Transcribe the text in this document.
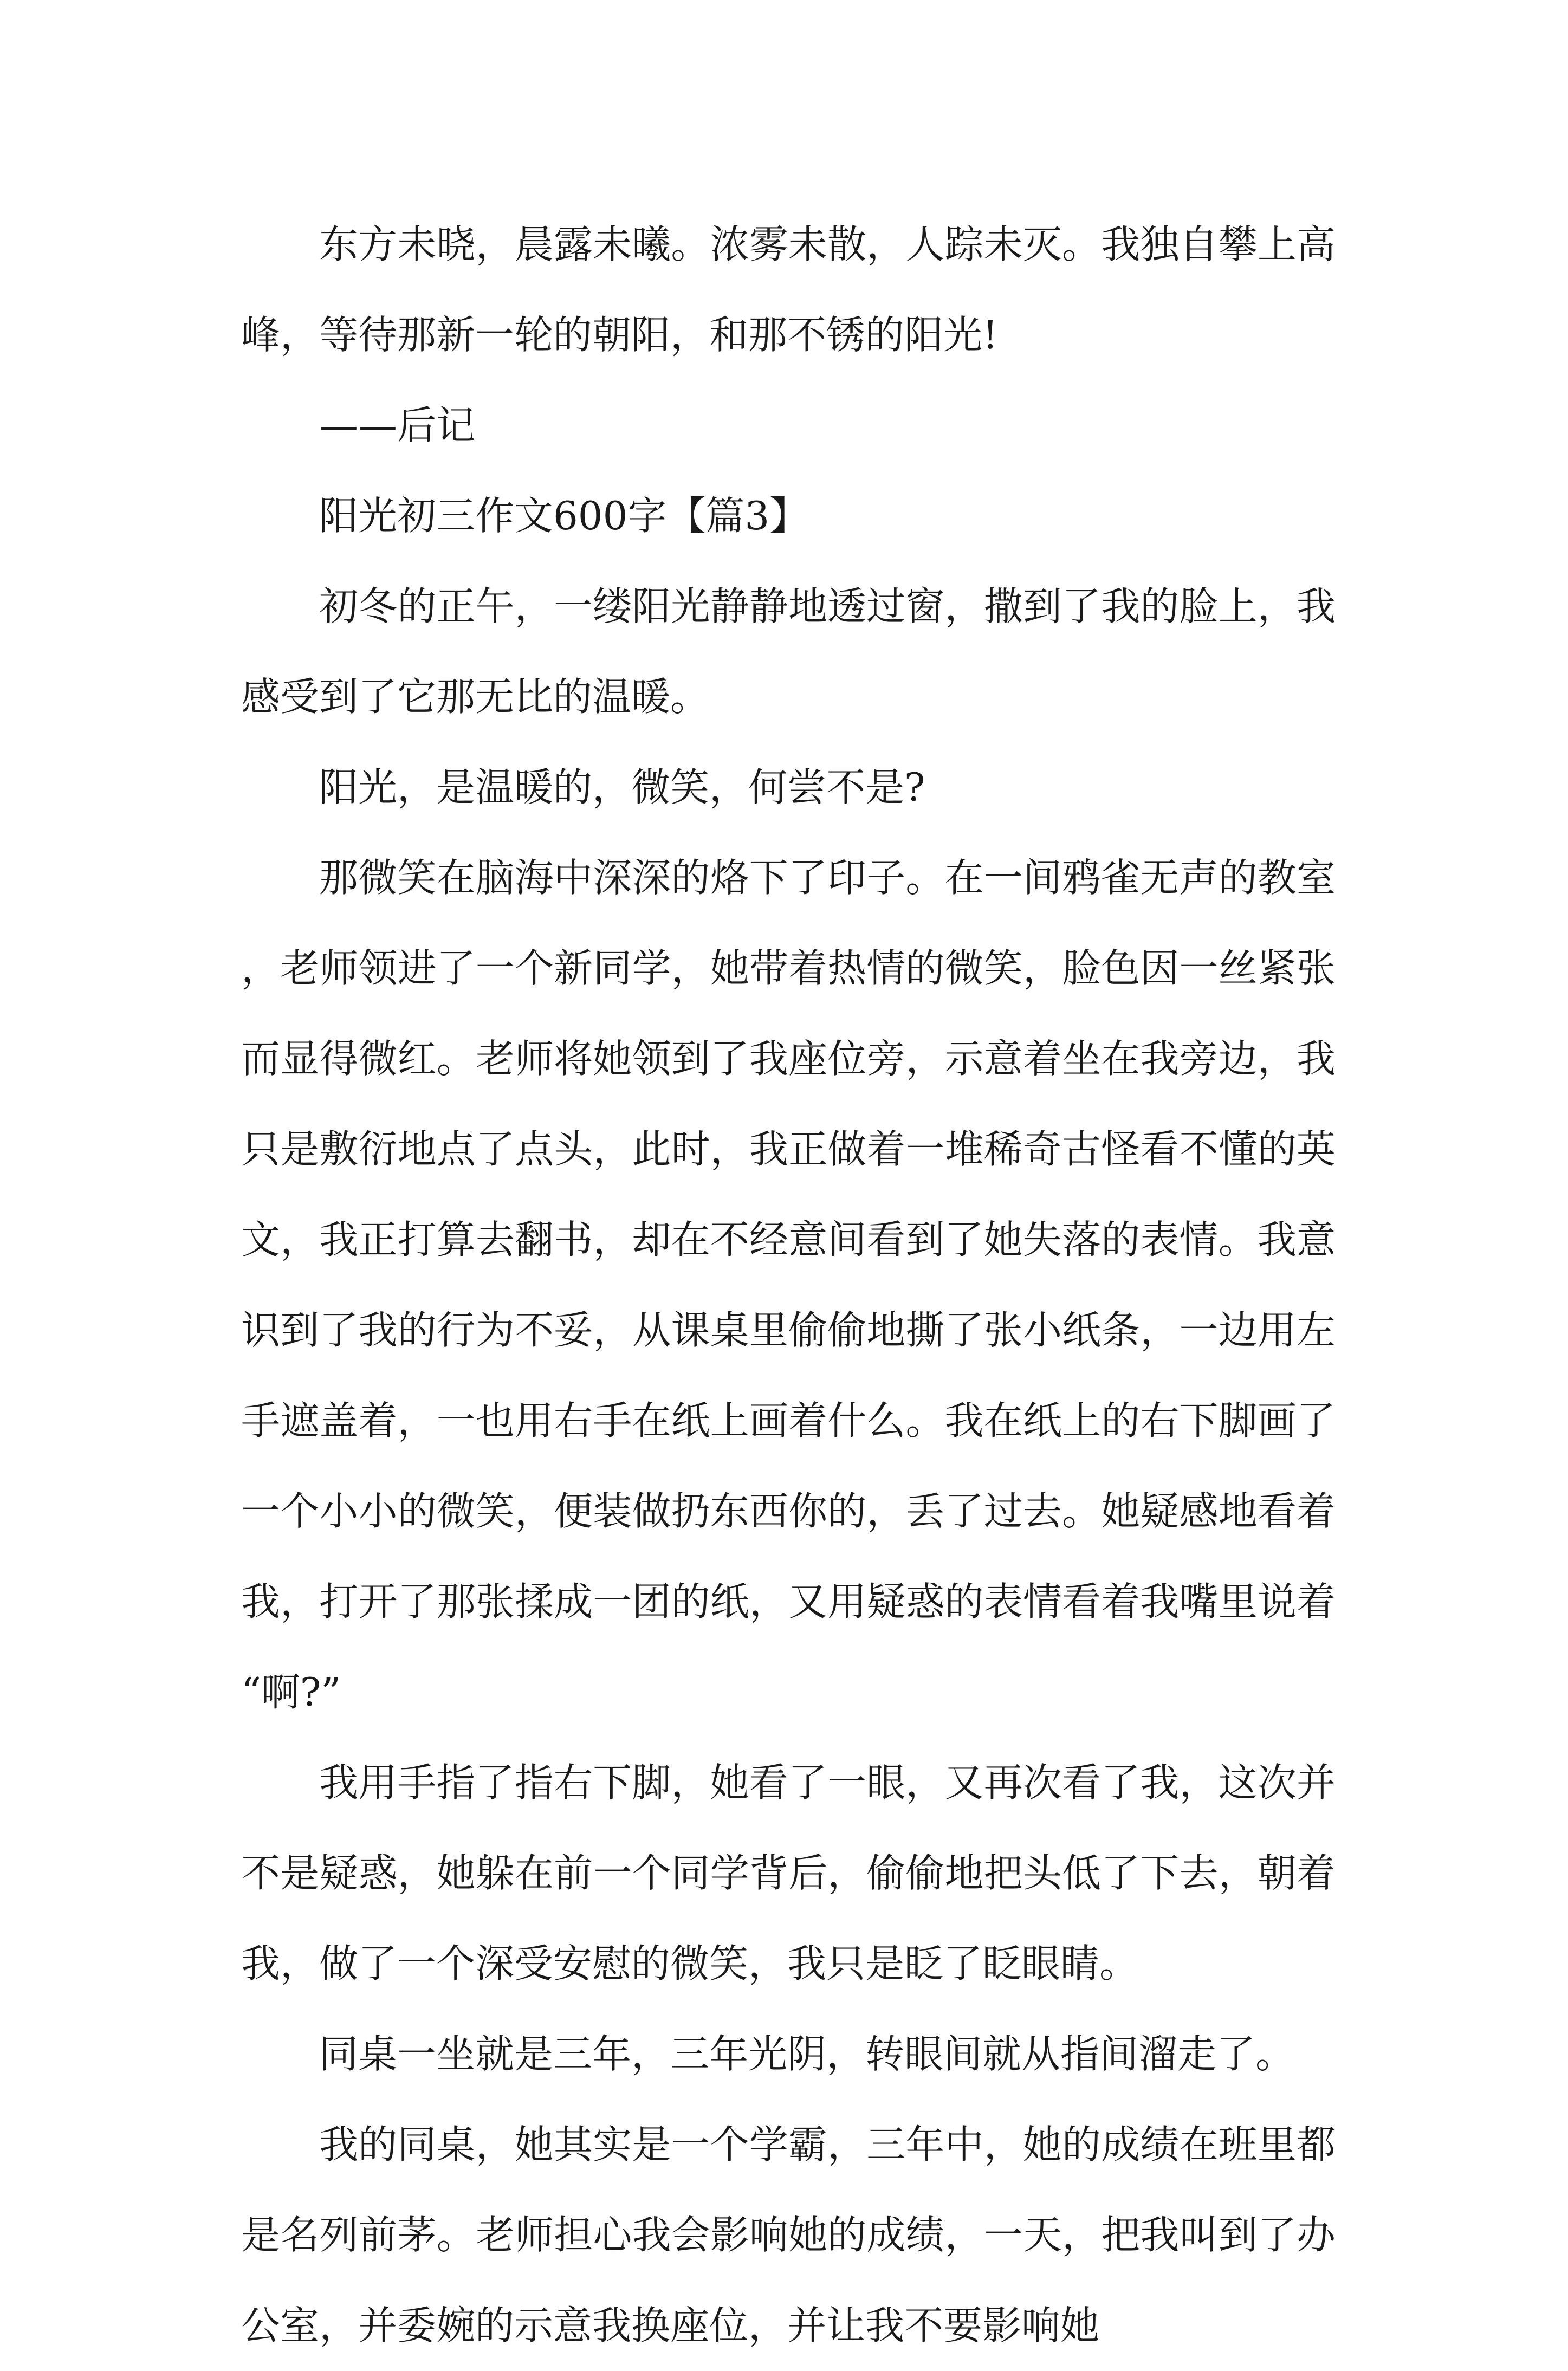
东方未晓，晨露未曦。浓雾未散，人踪未灭。我独自攀上高峰，等待那新一轮的朝阳，和那不锈的阳光!

——后记

阳光初三作文600字【篇3】

初冬的正午，一缕阳光静静地透过窗，撒到了我的脸上，我感受到了它那无比的温暖。

阳光，是温暖的，微笑，何尝不是?

那微笑在脑海中深深的烙下了印子。在一间鸦雀无声的教室，老师领进了一个新同学，她带着热情的微笑，脸色因一丝紧张而显得微红。老师将她领到了我座位旁，示意着坐在我旁边，我只是敷衍地点了点头，此时，我正做着一堆稀奇古怪看不懂的英文，我正打算去翻书，却在不经意间看到了她失落的表情。我意识到了我的行为不妥，从课桌里偷偷地撕了张小纸条，一边用左手遮盖着，一也用右手在纸上画着什么。我在纸上的右下脚画了一个小小的微笑，便装做扔东西你的，丢了过去。她疑感地看着我，打开了那张揉成一团的纸，又用疑惑的表情看着我嘴里说着“啊?”

我用手指了指右下脚，她看了一眼，又再次看了我，这次并不是疑惑，她躲在前一个同学背后，偷偷地把头低了下去，朝着我，做了一个深受安慰的微笑，我只是眨了眨眼睛。

同桌一坐就是三年，三年光阴，转眼间就从指间溜走了。

我的同桌，她其实是一个学霸，三年中，她的成绩在班里都是名列前茅。老师担心我会影响她的成绩，一天，把我叫到了办公室，并委婉的示意我换座位，并让我不要影响她
